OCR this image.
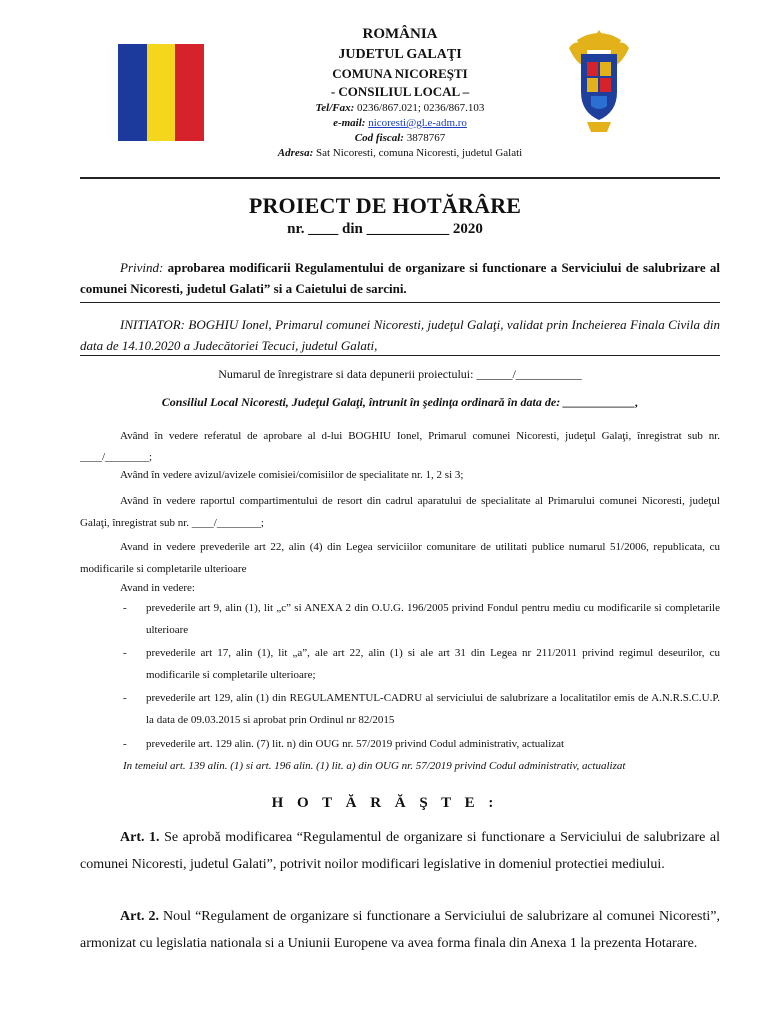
ROMÂNIA
JUDETUL GALAŢI
COMUNA NICOREŞTI
- CONSILIUL LOCAL –
Tel/Fax: 0236/867.021; 0236/867.103
e-mail: nicoresti@gl.e-adm.ro
Cod fiscal: 3878767
Adresa: Sat Nicoresti, comuna Nicoresti, judetul Galati
PROIECT DE HOTĂRÂRE
nr. ____ din ___________ 2020
Privind: aprobarea modificarii Regulamentului de organizare si functionare a Serviciului de salubrizare al comunei Nicoresti, judetul Galati” si a Caietului de sarcini.
INITIATOR: BOGHIU Ionel, Primarul comunei Nicoresti, judeţul Galaţi, validat prin Incheierea Finala Civila din data de 14.10.2020 a Judecătoriei Tecuci, judetul Galati,
Numarul de înregistrare si data depunerii proiectului: ______/___________
Consiliul Local Nicoresti, Judeţul Galaţi, întrunit în şedinţa ordinară în data de: ____________,
Având în vedere referatul de aprobare al d-lui BOGHIU Ionel, Primarul comunei Nicoresti, judeţul Galaţi, înregistrat sub nr. ____/________;
Având în vedere avizul/avizele comisiei/comisiilor de specialitate nr. 1, 2 si 3;
Având în vedere raportul compartimentului de resort din cadrul aparatului de specialitate al Primarului comunei Nicoresti, judeţul Galaţi, înregistrat sub nr. ____/________;
Avand in vedere prevederile art 22, alin (4) din Legea serviciilor comunitare de utilitati publice numarul 51/2006, republicata, cu modificarile si completarile ulterioare
Avand in vedere:
- prevederile art 9, alin (1), lit „c” si ANEXA 2 din O.U.G. 196/2005 privind Fondul pentru mediu cu modificarile si completarile ulterioare
- prevederile art 17, alin (1), lit „a”, ale art 22, alin (1) si ale art 31 din Legea nr 211/2011 privind regimul deseurilor, cu modificarile si completarile ulterioare;
- prevederile art 129, alin (1) din REGULAMENTUL-CADRU al serviciului de salubrizare a localitatilor emis de A.N.R.S.C.U.P. la data de 09.03.2015 si aprobat prin Ordinul nr 82/2015
- prevederile art. 129 alin. (7) lit. n) din OUG nr. 57/2019 privind Codul administrativ, actualizat
In temeiul art. 139 alin. (1) si art. 196 alin. (1) lit. a) din OUG nr. 57/2019 privind Codul administrativ, actualizat
H O T Ă R Ă Ş T E :
Art. 1. Se aprobă modificarea “Regulamentul de organizare si functionare a Serviciului de salubrizare al comunei Nicoresti, judetul Galati”, potrivit noilor modificari legislative in domeniul protectiei mediului.
Art. 2. Noul “Regulament de organizare si functionare a Serviciului de salubrizare al comunei Nicoresti”, armonizat cu legislatia nationala si a Uniunii Europene va avea forma finala din Anexa 1 la prezenta Hotarare.
